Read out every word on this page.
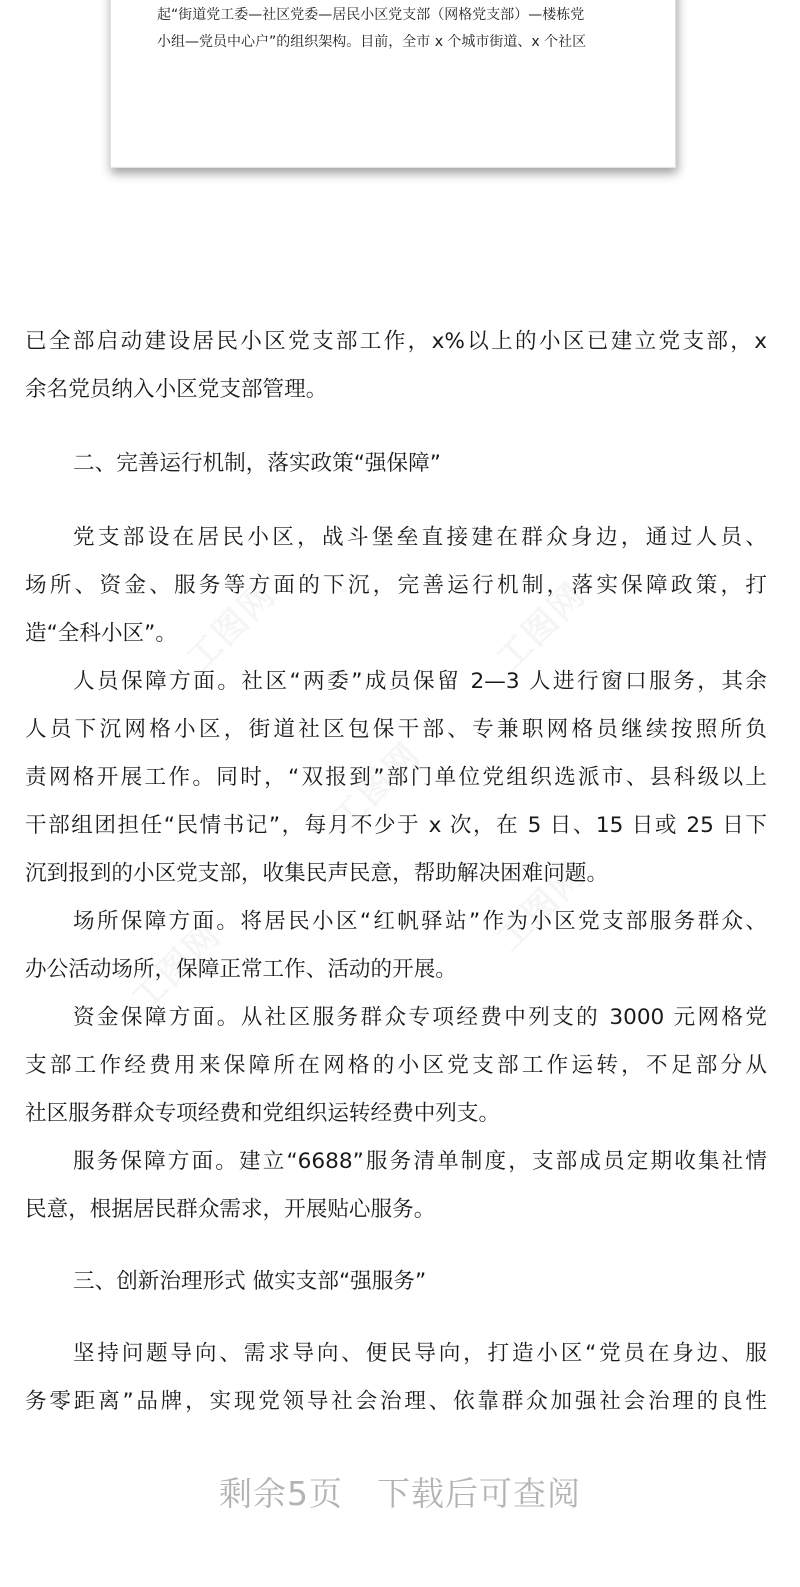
起“街道党工委—社区党委—居民小区党支部（网格党支部）—楼栋党
小组—党员中心户”的组织架构。目前，全市 x 个城市街道、x 个社区
工图网	工图网
工图网
工图网
工图网
已全部启动建设居民小区党支部工作，x%以上的小区已建立党支部，x
余名党员纳入小区党支部管理。
二、完善运行机制，落实政策“强保障”
党支部设在居民小区，战斗堡垒直接建在群众身边，通过人员、
场所、资金、服务等方面的下沉，完善运行机制，落实保障政策，打
造“全科小区”。
人员保障方面。社区“两委”成员保留 2—3 人进行窗口服务，其余
人员下沉网格小区，街道社区包保干部、专兼职网格员继续按照所负
责网格开展工作。同时，“双报到”部门单位党组织选派市、县科级以上
干部组团担任“民情书记”，每月不少于 x 次，在 5 日、15 日或 25 日下
沉到报到的小区党支部，收集民声民意，帮助解决困难问题。
场所保障方面。将居民小区“红帆驿站”作为小区党支部服务群众、
办公活动场所，保障正常工作、活动的开展。
资金保障方面。从社区服务群众专项经费中列支的 3000 元网格党
支部工作经费用来保障所在网格的小区党支部工作运转，不足部分从
社区服务群众专项经费和党组织运转经费中列支。
服务保障方面。建立“6688”服务清单制度，支部成员定期收集社情
民意，根据居民群众需求，开展贴心服务。
三、创新治理形式 做实支部“强服务”
坚持问题导向、需求导向、便民导向，打造小区“党员在身边、服
务零距离”品牌，实现党领导社会治理、依靠群众加强社会治理的良性
剩余5页　下载后可查阅
